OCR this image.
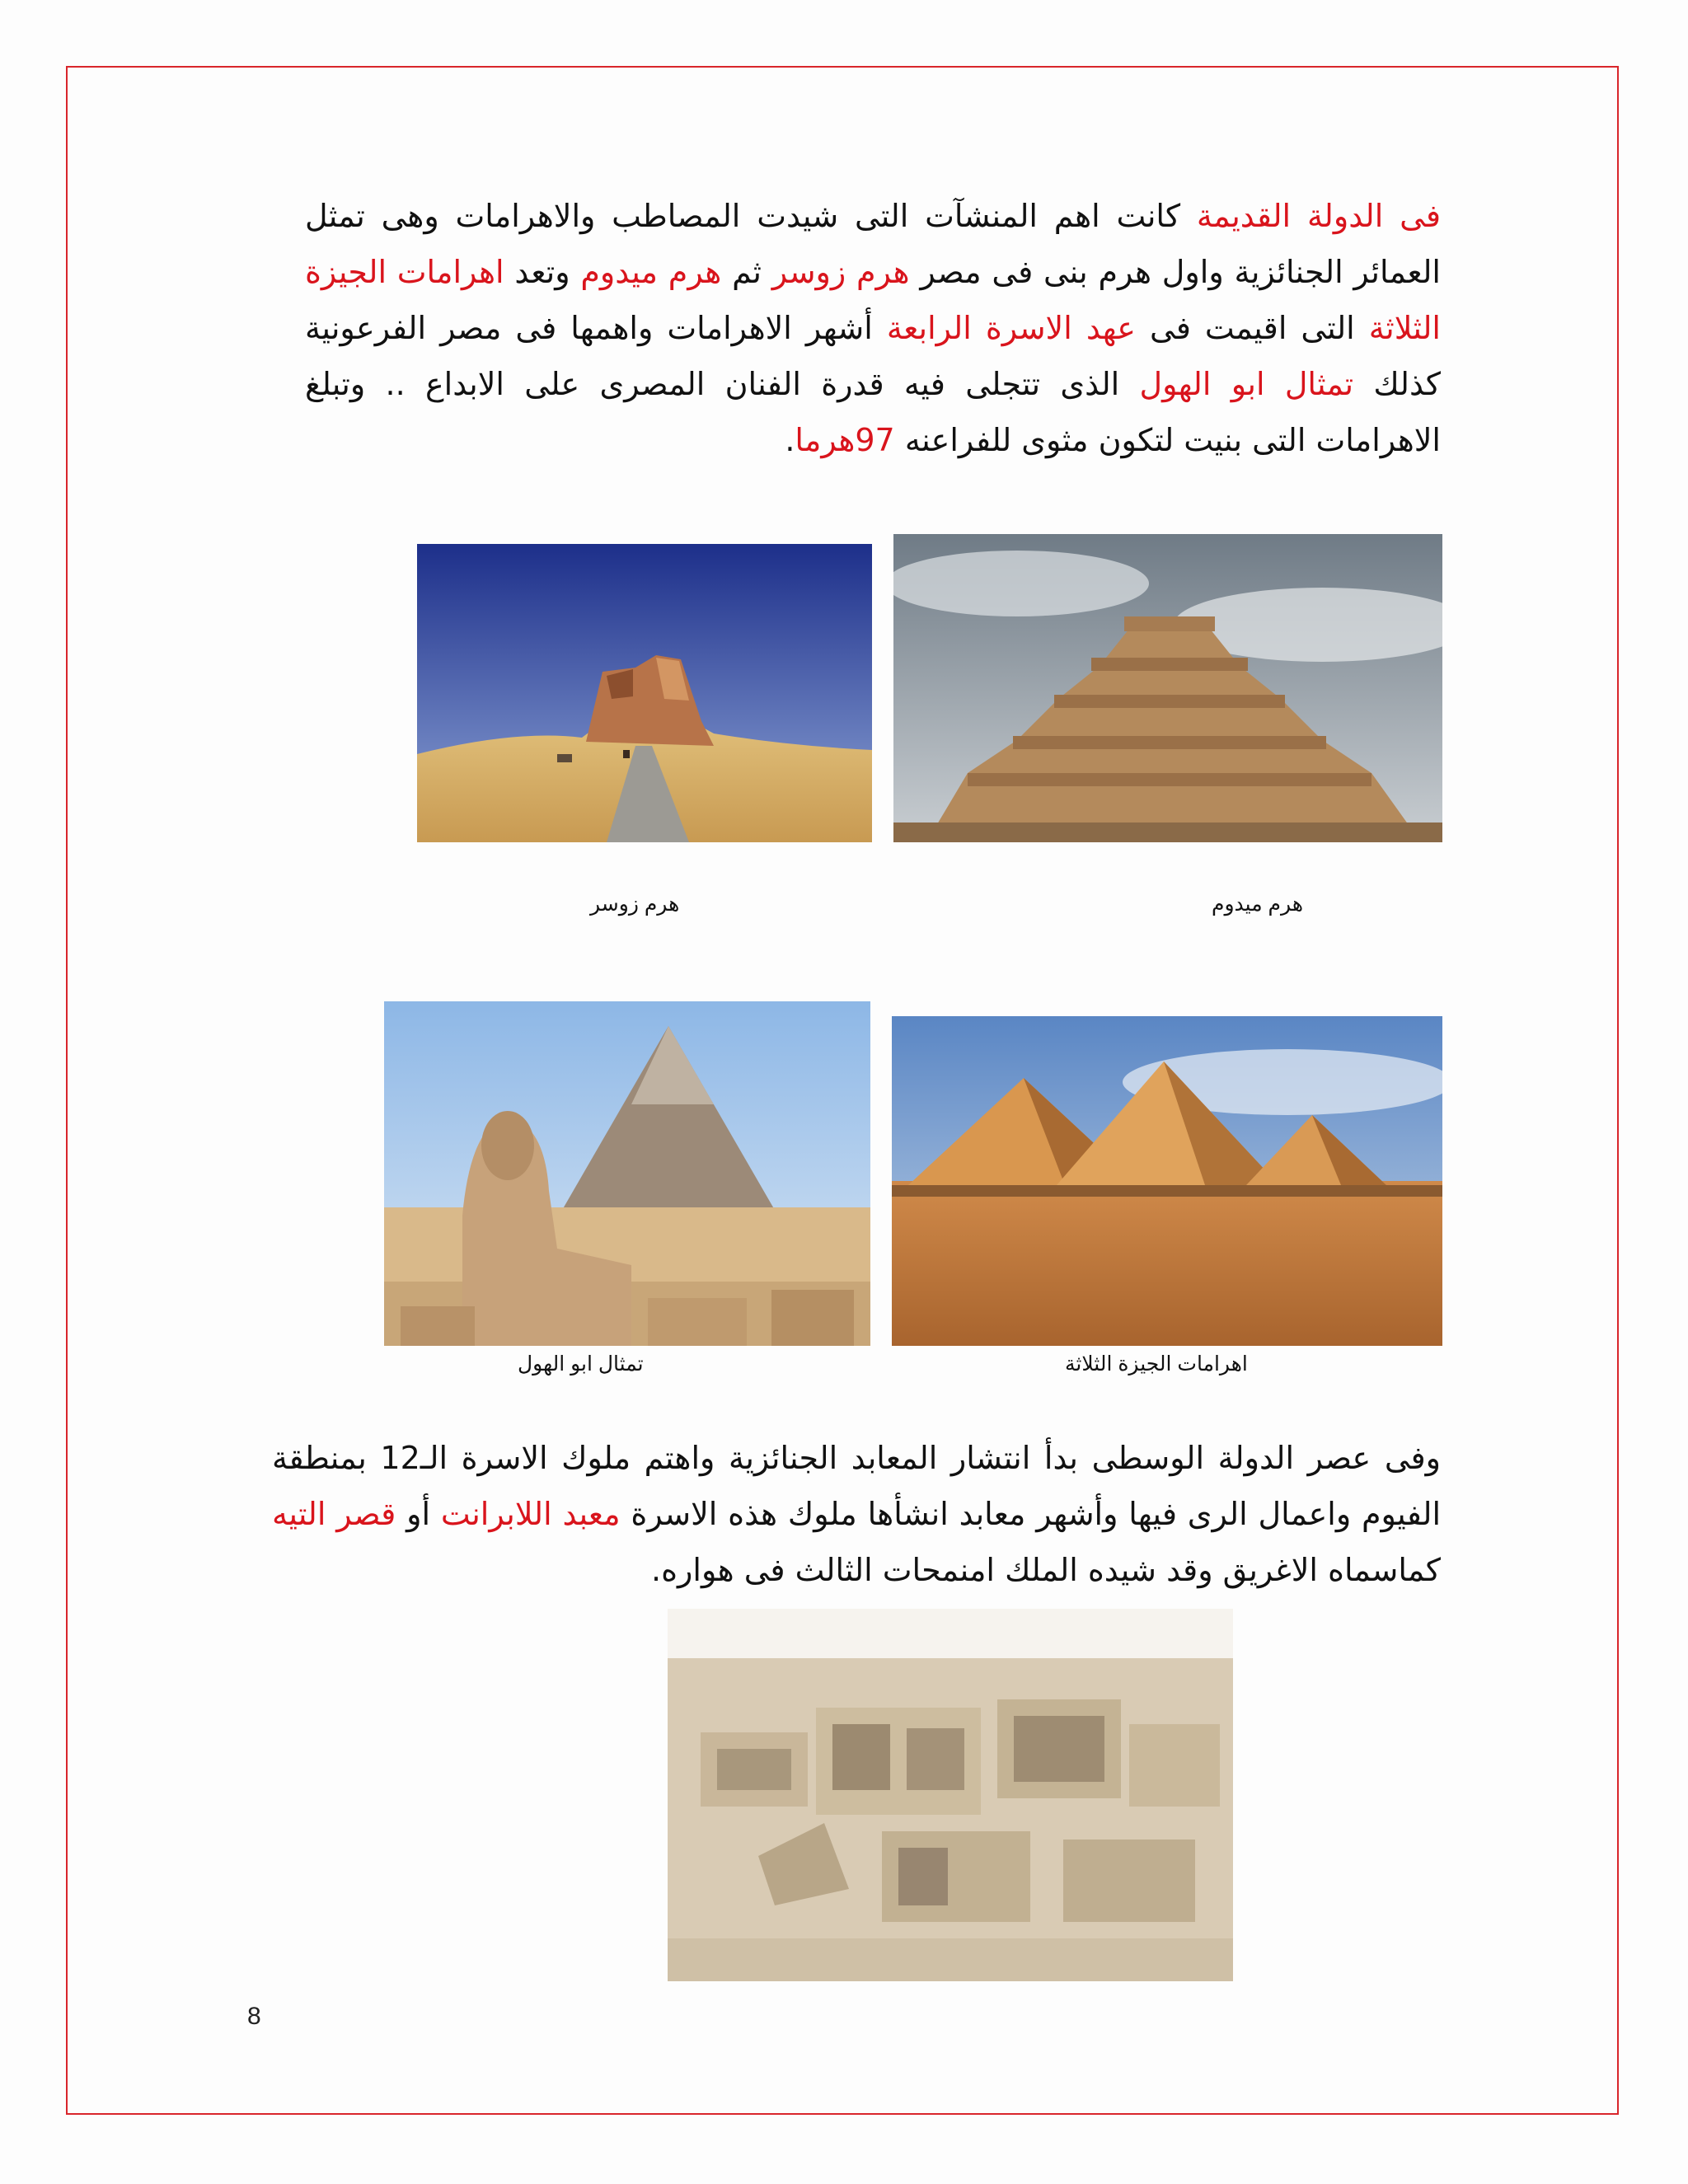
فى الدولة القديمة كانت اهم المنشآت التى شيدت المصاطب والاهرامات وهى تمثل العمائر الجنائزية واول هرم بنى فى مصر هرم زوسر ثم هرم ميدوم وتعد اهرامات الجيزة الثلاثة التى اقيمت فى عهد الاسرة الرابعة أشهر الاهرامات واهمها فى مصر الفرعونية كذلك تمثال ابو الهول الذى تتجلى فيه قدرة الفنان المصرى على الابداع .. وتبلغ الاهرامات التى بنيت لتكون مثوى للفراعنه 97هرما.

هرم زوسر	هرم ميدوم
تمثال ابو الهول	اهرامات الجيزة الثلاثة

وفى عصر الدولة الوسطى بدأ انتشار المعابد الجنائزية واهتم ملوك الاسرة الـ12 بمنطقة الفيوم واعمال الرى فيها وأشهر معابد انشأها ملوك هذه الاسرة معبد اللابرانت أو قصر التيه كماسماه الاغريق وقد شيده الملك امنمحات الثالث فى هواره.

8
